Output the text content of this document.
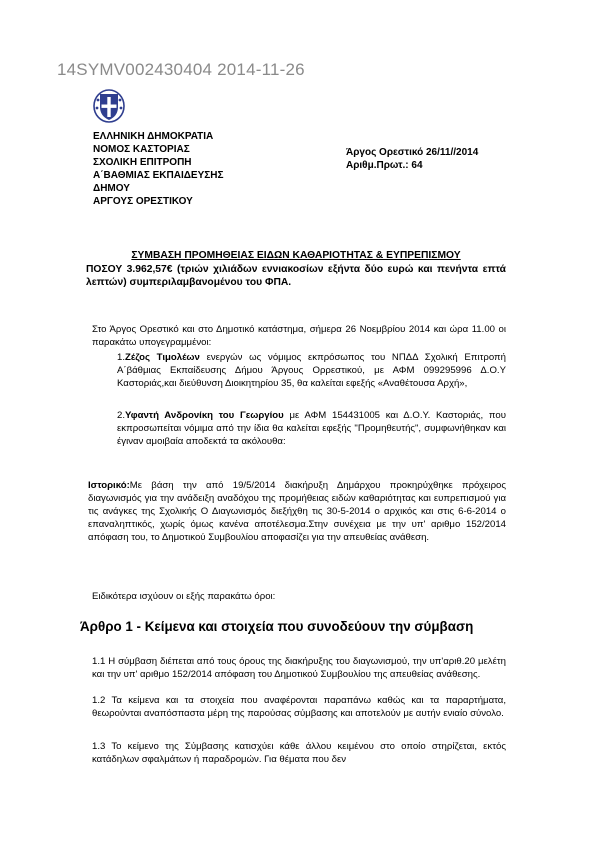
14SYMV002430404 2014-11-26
ΕΛΛΗΝΙΚΗ ΔΗΜΟΚΡΑΤΙΑ
ΝΟΜΟΣ ΚΑΣΤΟΡΙΑΣ
ΣΧΟΛΙΚΗ ΕΠΙΤΡΟΠΗ
Α΄ΒΑΘΜΙΑΣ ΕΚΠΑΙΔΕΥΣΗΣ
ΔΗΜΟΥ
ΑΡΓΟΥΣ ΟΡΕΣΤΙΚΟΥ
Άργος Ορεστικό 26/11//2014
Αριθμ.Πρωτ.: 64
ΣΥΜΒΑΣΗ ΠΡΟΜΗΘΕΙΑΣ ΕΙΔΩΝ ΚΑΘΑΡΙΟΤΗΤΑΣ & ΕΥΠΡΕΠΙΣΜΟΥ
ΠΟΣΟΥ 3.962,57€ (τριών χιλιάδων εννιακοσίων εξήντα δύο ευρώ και πενήντα επτά λεπτών) συμπεριλαμβανομένου του ΦΠΑ.
Στο Άργος Ορεστικό και στο Δημοτικό κατάστημα, σήμερα 26 Νοεμβρίου 2014 και ώρα 11.00 οι παρακάτω υπογεγραμμένοι:
1.Ζέζος Τιμολέων ενεργών ως νόμιμος εκπρόσωπος του ΝΠΔΔ Σχολική Επιτροπή Α΄βάθμιας Εκπαίδευσης Δήμου Άργους Ορρεστικού, με ΑΦΜ 099295996 Δ.Ο.Υ Καστοριάς,και διεύθυνση Διοικητηρίου 35, θα καλείται εφεξής «Αναθέτουσα Αρχή»,
2.Υφαντή Ανδρονίκη του Γεωργίου με ΑΦΜ 154431005 και Δ.Ο.Υ. Καστοριάς, που εκπροσωπείται νόμιμα από την ίδια θα καλείται εφεξής "Προμηθευτής", συμφωνήθηκαν και έγιναν αμοιβαία αποδεκτά τα ακόλουθα:
Ιστορικό:Με βάση την από 19/5/2014 διακήρυξη Δημάρχου προκηρύχθηκε πρόχειρος διαγωνισμός για την ανάδειξη αναδόχου της προμήθειας ειδών καθαριότητας και ευπρεπισμού για τις ανάγκες της Σχολικής Ο Διαγωνισμός διεξήχθη τις 30-5-2014 ο αρχικός και στις 6-6-2014 ο επαναληπτικός, χωρίς όμως κανένα αποτέλεσμα.Στην συνέχεια με την υπ' αριθμο 152/2014 απόφαση του, το Δημοτικού Συμβουλίου αποφασίζει για την απευθείας ανάθεση.
Ειδικότερα ισχύουν οι εξής παρακάτω όροι:
Άρθρο 1 - Κείμενα και στοιχεία που συνοδεύουν την σύμβαση
1.1 Η σύμβαση διέπεται από τους όρους της διακήρυξης του διαγωνισμού, την υπ'αριθ.20 μελέτη και την υπ' αριθμο 152/2014 απόφαση του Δημοτικού Συμβουλίου της απευθείας ανάθεσης.
1.2 Τα κείμενα και τα στοιχεία που αναφέρονται παραπάνω καθώς και τα παραρτήματα, θεωρούνται αναπόσπαστα μέρη της παρούσας σύμβασης και αποτελούν με αυτήν ενιαίο σύνολο.
1.3 Το κείμενο της Σύμβασης κατισχύει κάθε άλλου κειμένου στο οποίο στηρίζεται, εκτός κατάδηλων σφαλμάτων ή παραδρομών. Για θέματα που δεν
